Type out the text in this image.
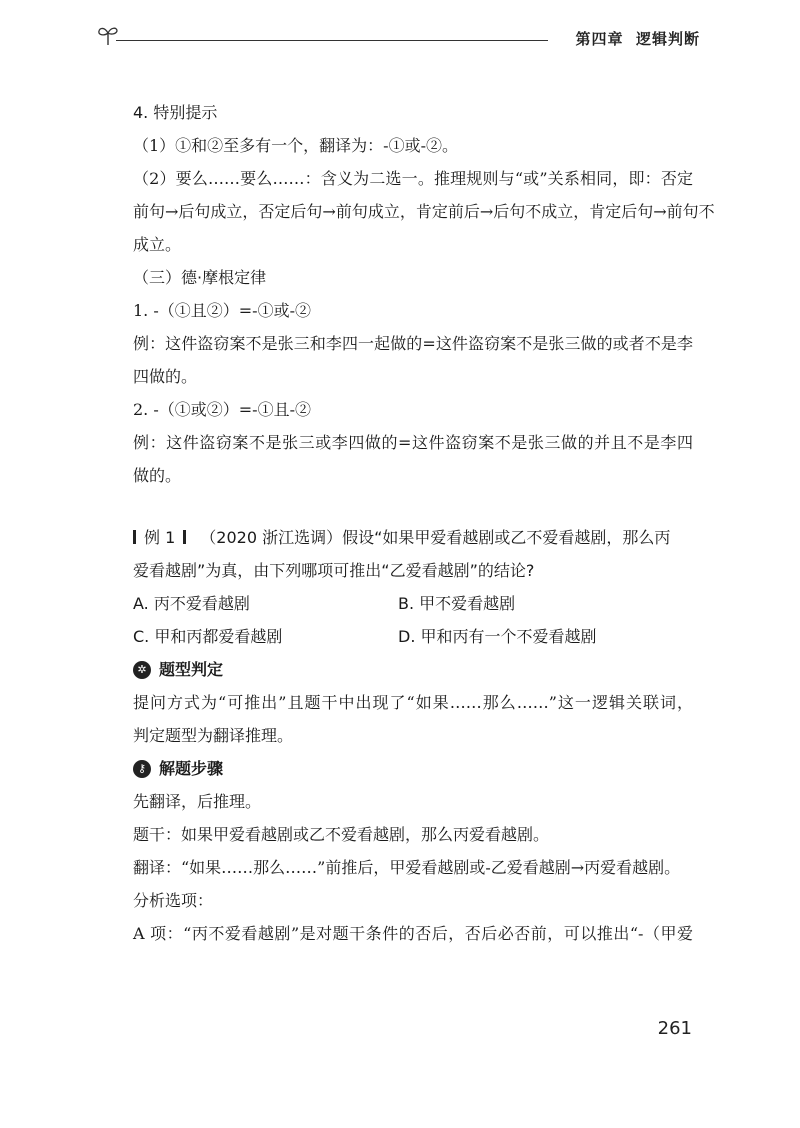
第四章 逻辑判断
4. 特别提示
（1）①和②至多有一个，翻译为：-①或-②。
（2）要么……要么……：含义为二选一。推理规则与“或”关系相同，即：否定
前句→后句成立，否定后句→前句成立，肯定前后→后句不成立，肯定后句→前句不
成立。
（三）德·摩根定律
1. -（①且②）=-①或-②
例：这件盗窃案不是张三和李四一起做的=这件盗窃案不是张三做的或者不是李
四做的。
2. -（①或②）=-①且-②
例：这件盗窃案不是张三或李四做的=这件盗窃案不是张三做的并且不是李四
做的。
例 1 （2020 浙江选调）假设“如果甲爱看越剧或乙不爱看越剧，那么丙
爱看越剧”为真，由下列哪项可推出“乙爱看越剧”的结论?
A. 丙不爱看越剧	B. 甲不爱看越剧
C. 甲和丙都爱看越剧	D. 甲和丙有一个不爱看越剧
✲ 题型判定
提问方式为“可推出”且题干中出现了“如果……那么……”这一逻辑关联词，
判定题型为翻译推理。
⚷ 解题步骤
先翻译，后推理。
题干：如果甲爱看越剧或乙不爱看越剧，那么丙爱看越剧。
翻译：“如果……那么……”前推后，甲爱看越剧或-乙爱看越剧→丙爱看越剧。
分析选项：
A 项：“丙不爱看越剧”是对题干条件的否后，否后必否前，可以推出“-（甲爱
261
